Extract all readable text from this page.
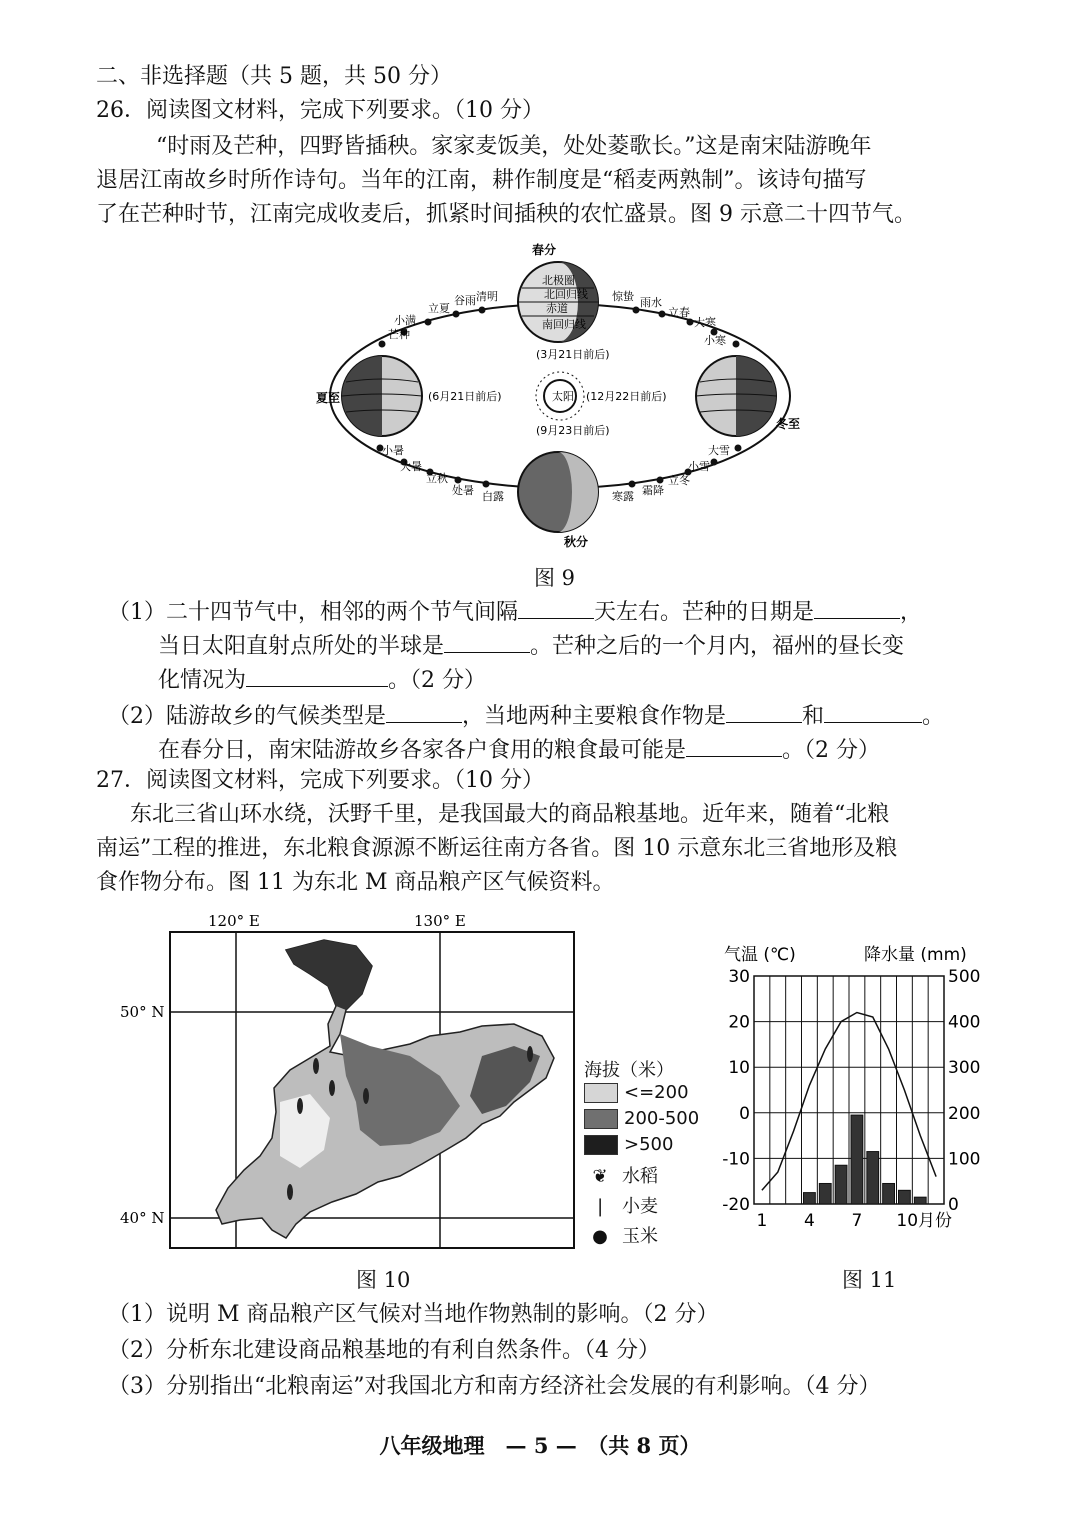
二、非选择题（共 5 题，共 50 分）
26．阅读图文材料，完成下列要求。（10 分）
“时雨及芒种，四野皆插秧。家家麦饭美，处处菱歌长。”这是南宋陆游晚年
退居江南故乡时所作诗句。当年的江南，耕作制度是“稻麦两熟制”。该诗句描写
了在芒种时节，江南完成收麦后，抓紧时间插秧的农忙盛景。图 9 示意二十四节气。
北极圈
北回归线
赤道
南回归线
太阳
春分
夏至
冬至
秋分
(3月21日前后)
(6月21日前后)	(12月22日前后)
(9月23日前后)
清明
谷雨
立夏
小满
芒种
惊蛰 雨水
立春
大寒
小寒
小暑
大暑
立秋
处暑 白露	寒露 霜降
立冬
小雪
大雪
图 9
（1）二十四节气中，相邻的两个节气间隔	天左右。芒种的日期是	，
当日太阳直射点所处的半球是	。芒种之后的一个月内，福州的昼长变
化情况为	。（2 分）
（2）陆游故乡的气候类型是	，当地两种主要粮食作物是	和	。
在春分日，南宋陆游故乡各家各户食用的粮食最可能是	。（2 分）
27．阅读图文材料，完成下列要求。（10 分）
东北三省山环水绕，沃野千里，是我国最大的商品粮基地。近年来，随着“北粮
南运”工程的推进，东北粮食源源不断运往南方各省。图 10 示意东北三省地形及粮
食作物分布。图 11 为东北 M 商品粮产区气候资料。
120° E	130° E
50° N
40° N
海拔（米）
<=200
200-500
>500
❦ 水稻
❘ 小麦
● 玉米
图 10
气温 (℃)	降水量 (mm)
30
20
10
0
-10
-20
500
400
300
200
100
0
1 4 7 10月份
图 11
（1）说明 M 商品粮产区气候对当地作物熟制的影响。（2 分）
（2）分析东北建设商品粮基地的有利自然条件。（4 分）
（3）分别指出“北粮南运”对我国北方和南方经济社会发展的有利影响。（4 分）
八年级地理　— 5 —　（共 8 页）
